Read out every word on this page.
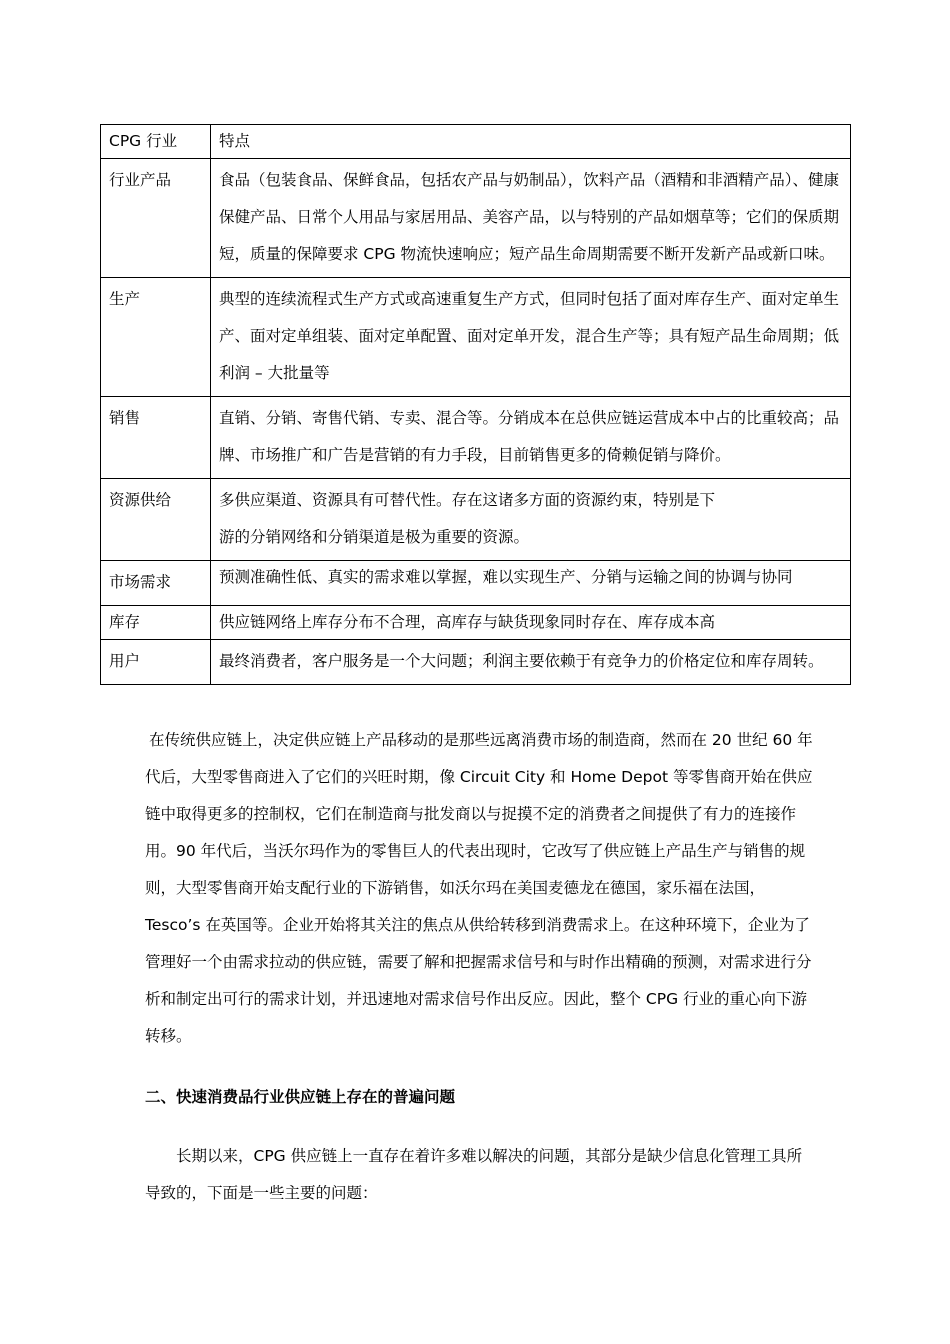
CPG 行业	特点
行业产品	食品（包装食品、保鲜食品，包括农产品与奶制品），饮料产品（酒精和非酒精产品）、健康保健产品、日常个人用品与家居用品、美容产品，以与特别的产品如烟草等；它们的保质期短，质量的保障要求 CPG 物流快速响应；短产品生命周期需要不断开发新产品或新口味。
生产	典型的连续流程式生产方式或高速重复生产方式，但同时包括了面对库存生产、面对定单生产、面对定单组装、面对定单配置、面对定单开发，混合生产等；具有短产品生命周期；低利润 – 大批量等
销售	直销、分销、寄售代销、专卖、混合等。分销成本在总供应链运营成本中占的比重较高；品牌、市场推广和广告是营销的有力手段，目前销售更多的倚赖促销与降价。
资源供给	多供应渠道、资源具有可替代性。存在这诸多方面的资源约束，特别是下
游的分销网络和分销渠道是极为重要的资源。
市场需求	预测准确性低、真实的需求难以掌握，难以实现生产、分销与运输之间的协调与协同
库存	供应链网络上库存分布不合理，高库存与缺货现象同时存在、库存成本高
用户	最终消费者，客户服务是一个大问题；利润主要依赖于有竞争力的价格定位和库存周转。

在传统供应链上，决定供应链上产品移动的是那些远离消费市场的制造商，然而在 20 世纪 60 年代后，大型零售商进入了它们的兴旺时期，像 Circuit City 和 Home Depot 等零售商开始在供应链中取得更多的控制权，它们在制造商与批发商以与捉摸不定的消费者之间提供了有力的连接作用。90 年代后，当沃尔玛作为的零售巨人的代表出现时，它改写了供应链上产品生产与销售的规则，大型零售商开始支配行业的下游销售，如沃尔玛在美国麦德龙在德国，家乐福在法国，Tesco’s 在英国等。企业开始将其关注的焦点从供给转移到消费需求上。在这种环境下，企业为了管理好一个由需求拉动的供应链，需要了解和把握需求信号和与时作出精确的预测，对需求进行分析和制定出可行的需求计划，并迅速地对需求信号作出反应。因此，整个 CPG 行业的重心向下游转移。

二、快速消费品行业供应链上存在的普遍问题

长期以来，CPG 供应链上一直存在着许多难以解决的问题，其部分是缺少信息化管理工具所导致的，下面是一些主要的问题：
